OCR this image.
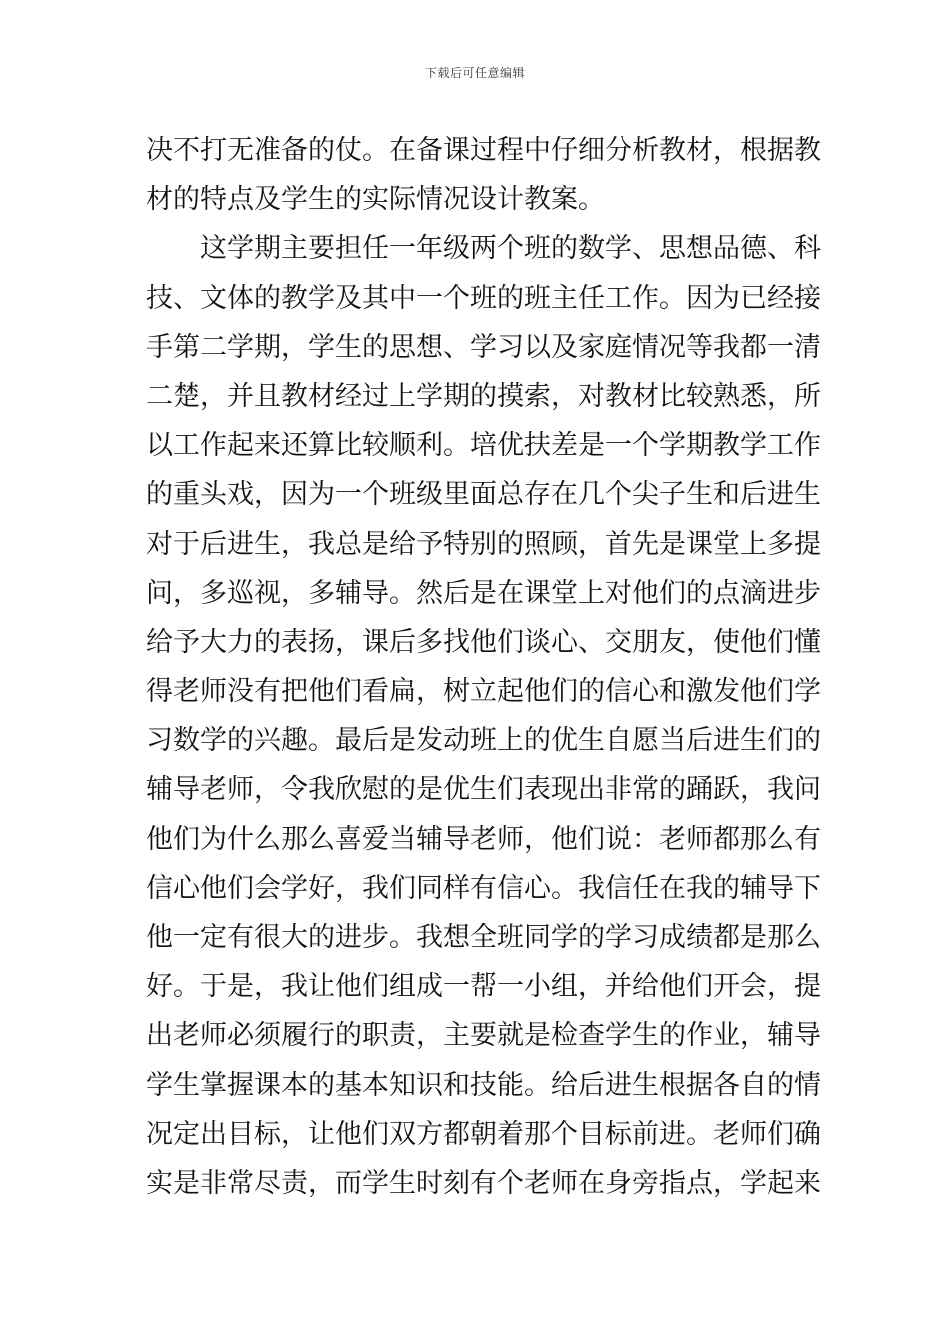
下载后可任意编辑
决不打无准备的仗。在备课过程中仔细分析教材，根据教
材的特点及学生的实际情况设计教案。
这学期主要担任一年级两个班的数学、思想品德、科
技、文体的教学及其中一个班的班主任工作。因为已经接
手第二学期，学生的思想、学习以及家庭情况等我都一清
二楚，并且教材经过上学期的摸索，对教材比较熟悉，所
以工作起来还算比较顺利。培优扶差是一个学期教学工作
的重头戏，因为一个班级里面总存在几个尖子生和后进生
对于后进生，我总是给予特别的照顾，首先是课堂上多提
问，多巡视，多辅导。然后是在课堂上对他们的点滴进步
给予大力的表扬，课后多找他们谈心、交朋友，使他们懂
得老师没有把他们看扁，树立起他们的信心和激发他们学
习数学的兴趣。最后是发动班上的优生自愿当后进生们的
辅导老师，令我欣慰的是优生们表现出非常的踊跃，我问
他们为什么那么喜爱当辅导老师，他们说：老师都那么有
信心他们会学好，我们同样有信心。我信任在我的辅导下
他一定有很大的进步。我想全班同学的学习成绩都是那么
好。于是，我让他们组成一帮一小组，并给他们开会，提
出老师必须履行的职责，主要就是检查学生的作业，辅导
学生掌握课本的基本知识和技能。给后进生根据各自的情
况定出目标，让他们双方都朝着那个目标前进。老师们确
实是非常尽责，而学生时刻有个老师在身旁指点，学起来
